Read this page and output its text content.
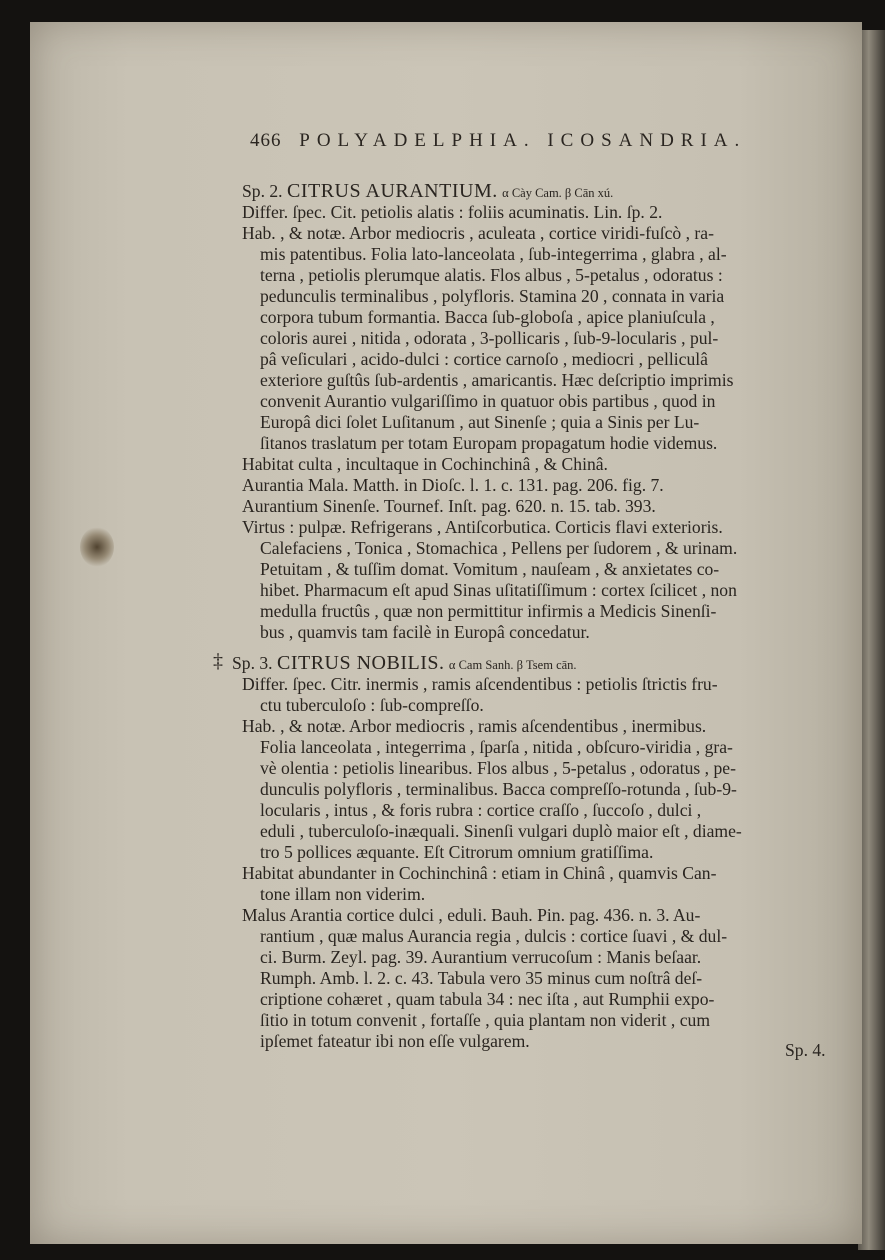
466 POLYADELPHIA. ICOSANDRIA.
Sp. 2. CITRUS AURANTIUM. α Cày Cam. β Cān xú.
Differ. ſpec. Cit. petiolis alatis : foliis acuminatis. Lin. ſp. 2.
Hab. , & notæ. Arbor mediocris , aculeata , cortice viridi-fuſcò , ra-
mis patentibus. Folia lato-lanceolata , ſub-integerrima , glabra , al-
terna , petiolis plerumque alatis. Flos albus , 5-petalus , odoratus :
pedunculis terminalibus , polyfloris. Stamina 20 , connata in varia
corpora tubum formantia. Bacca ſub-globoſa , apice planiuſcula ,
coloris aurei , nitida , odorata , 3-pollicaris , ſub-9-locularis , pul-
pâ veſiculari , acido-dulci : cortice carnoſo , mediocri , pelliculâ
exteriore guſtûs ſub-ardentis , amaricantis. Hæc deſcriptio imprimis
convenit Aurantio vulgariſſimo in quatuor obis partibus , quod in
Europâ dici ſolet Luſitanum , aut Sinenſe ; quia a Sinis per Lu-
ſitanos traslatum per totam Europam propagatum hodie videmus.
Habitat culta , incultaque in Cochinchinâ , & Chinâ.
Aurantia Mala. Matth. in Dioſc. l. 1. c. 131. pag. 206. fig. 7.
Aurantium Sinenſe. Tournef. Inſt. pag. 620. n. 15. tab. 393.
Virtus : pulpæ. Refrigerans , Antiſcorbutica. Corticis flavi exterioris.
Calefaciens , Tonica , Stomachica , Pellens per ſudorem , & urinam.
Petuitam , & tuſſim domat. Vomitum , nauſeam , & anxietates co-
hibet. Pharmacum eſt apud Sinas uſitatiſſimum : cortex ſcilicet , non
medulla fructûs , quæ non permittitur infirmis a Medicis Sinenſi-
bus , quamvis tam facilè in Europâ concedatur.
‡ Sp. 3. CITRUS NOBILIS. α Cam Sanh. β Tsem cān.
Differ. ſpec. Citr. inermis , ramis aſcendentibus : petiolis ſtrictis fru-
ctu tuberculoſo : ſub-compreſſo.
Hab. , & notæ. Arbor mediocris , ramis aſcendentibus , inermibus.
Folia lanceolata , integerrima , ſparſa , nitida , obſcuro-viridia , gra-
vè olentia : petiolis linearibus. Flos albus , 5-petalus , odoratus , pe-
dunculis polyfloris , terminalibus. Bacca compreſſo-rotunda , ſub-9-
locularis , intus , & foris rubra : cortice craſſo , ſuccoſo , dulci ,
eduli , tuberculoſo-inæquali. Sinenſi vulgari duplò maior eſt , diame-
tro 5 pollices æquante. Eſt Citrorum omnium gratiſſima.
Habitat abundanter in Cochinchinâ : etiam in Chinâ , quamvis Can-
tone illam non viderim.
Malus Arantia cortice dulci , eduli. Bauh. Pin. pag. 436. n. 3. Au-
rantium , quæ malus Aurancia regia , dulcis : cortice ſuavi , & dul-
ci. Burm. Zeyl. pag. 39. Aurantium verrucoſum : Manis beſaar.
Rumph. Amb. l. 2. c. 43. Tabula vero 35 minus cum noſtrâ deſ-
criptione cohæret , quam tabula 34 : nec iſta , aut Rumphii expo-
ſitio in totum convenit , fortaſſe , quia plantam non viderit , cum
ipſemet fateatur ibi non eſſe vulgarem.	Sp. 4.
